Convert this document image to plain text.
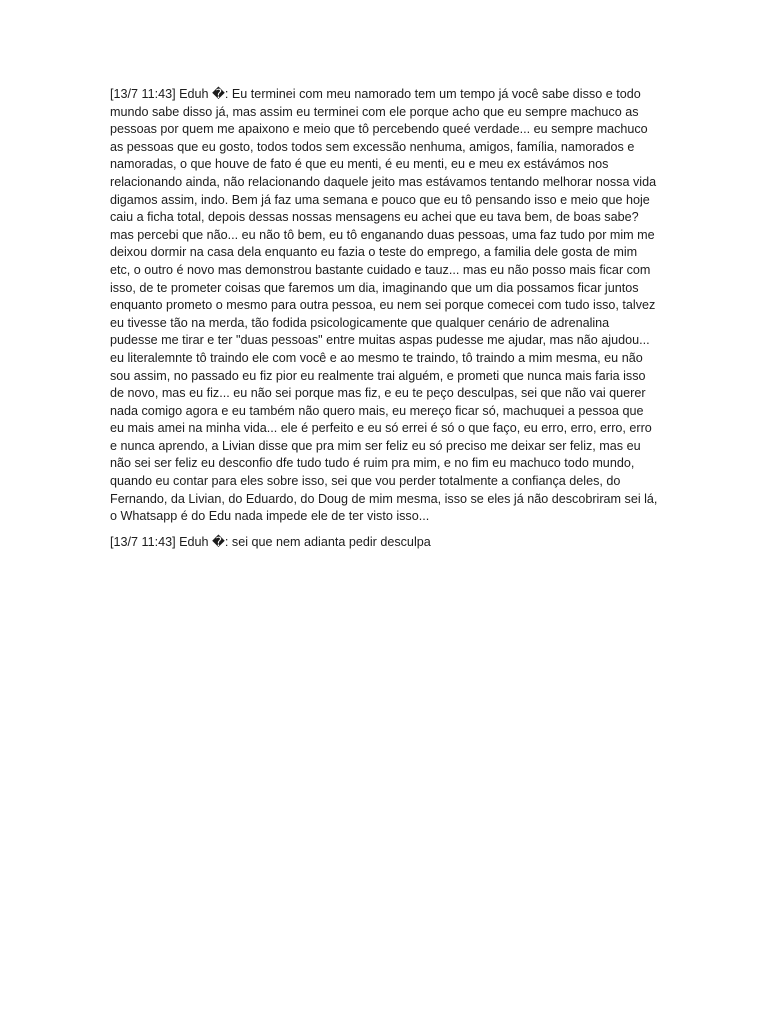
[13/7 11:43] Eduh �: Eu terminei com meu namorado tem um tempo já você sabe disso e todo mundo sabe disso já, mas assim eu terminei com ele porque acho que eu sempre machuco as pessoas por quem me apaixono e meio que tô percebendo queé verdade... eu sempre machuco as pessoas que eu gosto, todos todos sem excessão nenhuma, amigos, família, namorados e namoradas, o que houve de fato é que eu menti, é eu menti, eu e meu ex estávámos nos relacionando ainda, não relacionando daquele jeito mas estávamos tentando melhorar nossa vida digamos assim, indo. Bem já faz uma semana e pouco que eu tô pensando isso e meio que hoje caiu a ficha total, depois dessas nossas mensagens eu achei que eu tava bem, de boas sabe? mas percebi que não... eu não tô bem, eu tô enganando duas pessoas, uma faz tudo por mim me deixou dormir na casa dela enquanto eu fazia o teste do emprego, a familia dele gosta de mim etc, o outro é novo mas demonstrou bastante cuidado e tauz... mas eu não posso mais ficar com isso, de te prometer coisas que faremos um dia, imaginando que um dia possamos ficar juntos enquanto prometo o mesmo para outra pessoa, eu nem sei porque comecei com tudo isso, talvez eu tivesse tão na merda, tão fodida psicologicamente que qualquer cenário de adrenalina pudesse me tirar e ter "duas pessoas" entre muitas aspas pudesse me ajudar, mas não ajudou... eu literalemnte tô traindo ele com você e ao mesmo te traindo, tô traindo a mim mesma, eu não sou assim, no passado eu fiz pior eu realmente trai alguém, e prometi que nunca mais faria isso de novo, mas eu fiz... eu não sei porque mas fiz, e eu te peço desculpas, sei que não vai querer nada comigo agora e eu também não quero mais, eu mereço ficar só, machuquei a pessoa que eu mais amei na minha vida... ele é perfeito e eu só errei é só o que faço, eu erro, erro, erro, erro e nunca aprendo, a Livian disse que pra mim ser feliz eu só preciso me deixar ser feliz, mas eu não sei ser feliz eu desconfio dfe tudo tudo é ruim pra mim, e no fim eu machuco todo mundo, quando eu contar para eles sobre isso, sei que vou perder totalmente a confiança deles, do Fernando, da Livian, do Eduardo, do Doug de mim mesma, isso se eles já não descobriram sei lá, o Whatsapp é do Edu nada impede ele de ter visto isso...

[13/7 11:43] Eduh �: sei que nem adianta pedir desculpa
